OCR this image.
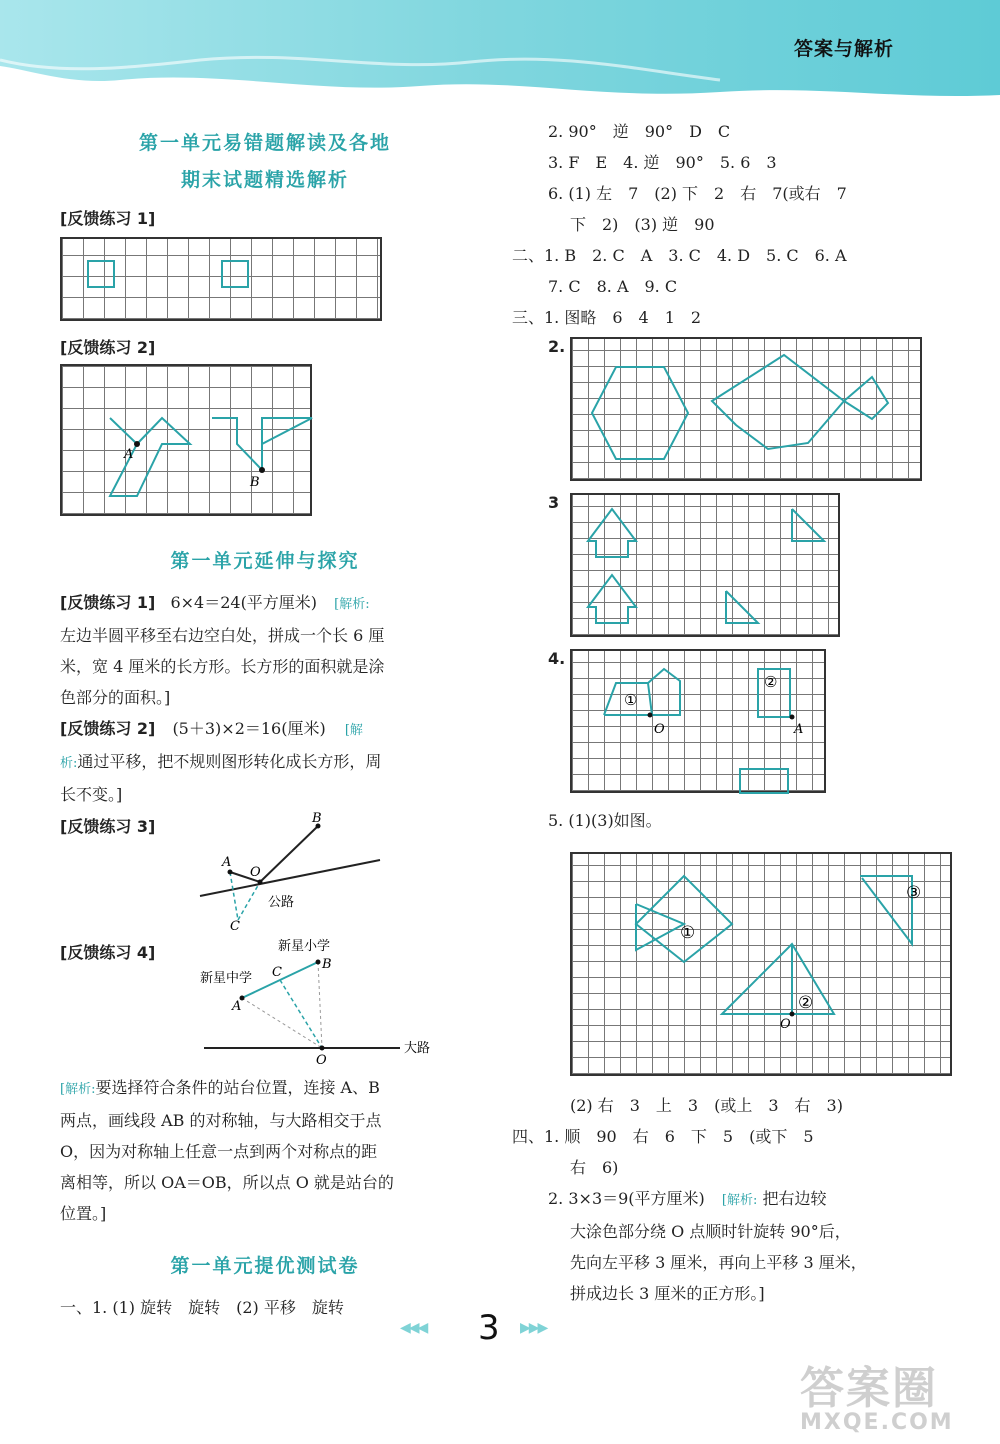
答案与解析
第一单元易错题解读及各地
期末试题精选解析
[反馈练习 1]
[反馈练习 2]
A
B
第一单元延伸与探究
[反馈练习 1] 6×4＝24(平方厘米) [解析:
左边半圆平移至右边空白处，拼成一个长 6 厘
米，宽 4 厘米的长方形。长方形的面积就是涂
色部分的面积。]
[反馈练习 2] (5＋3)×2＝16(厘米) [解
析:通过平移，把不规则图形转化成长方形，周
长不变。]
[反馈练习 3]	B
A
O
C
公路
[反馈练习 4]	新星小学
新星中学
A
B
C
O
大路
[解析:要选择符合条件的站台位置，连接 A、B
两点，画线段 AB 的对称轴，与大路相交于点
O，因为对称轴上任意一点到两个对称点的距
离相等，所以 OA＝OB，所以点 O 就是站台的
位置。]
第一单元提优测试卷
一、1. (1) 旋转　旋转　(2) 平移　旋转
2. 90°　逆　90°　D　C
3. F　E　4. 逆　90°　5. 6　3
6. (1) 左　7　(2) 下　2　右　7(或右　7
下　2)　(3) 逆　90
二、1. B　2. C　A　3. C　4. D　5. C　6. A
7. C　8. A　9. C
三、1. 图略　6　4　1　2
2.
3
4.
①
②
O	A
5. (1)(3)如图。
①
②
③
O
(2) 右　3　上　3　(或上　3　右　3)
四、1. 顺　90　右　6　下　5　(或下　5
右　6)
2. 3×3＝9(平方厘米) [解析: 把右边较
大涂色部分绕 O 点顺时针旋转 90°后，
先向左平移 3 厘米，再向上平移 3 厘米，
拼成边长 3 厘米的正方形。]
◀◀◀ 3 ▶▶▶
答案圈
MXQE.COM
